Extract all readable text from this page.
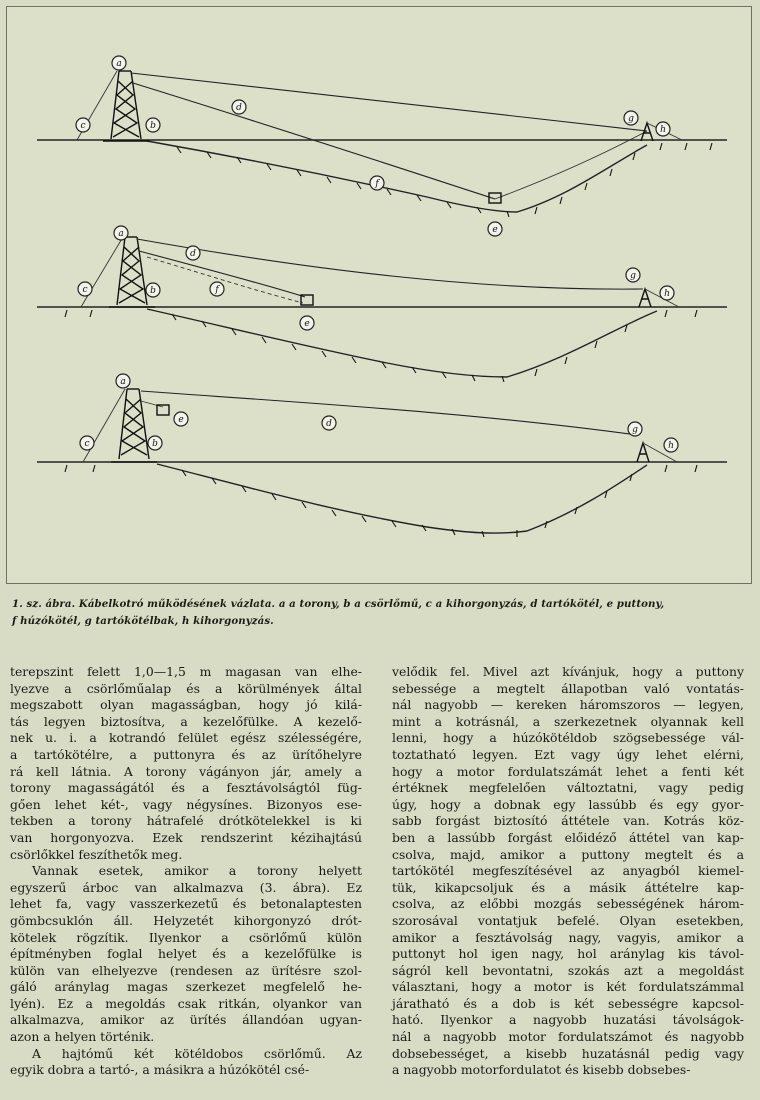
a
b
c
d
f
e
g
h
a
b
c
d
f
e
g
h
a
b
c
e	d
g
h
1. sz. ábra. Kábelkotró működésének vázlata. a a torony, b a csörlőmű, c a kihorgonyzás, d tartókötél, e puttony,
f húzókötél, g tartókötélbak, h kihorgonyzás.
terepszint felett 1,0—1,5 m magasan van elhe-
lyezve a csörlőműalap és a körülmények által
megszabott olyan magasságban, hogy jó kilá-
tás legyen biztosítva, a kezelőfülke. A kezelő-
nek u. i. a kotrandó felület egész szélességére,
a tartókötélre, a puttonyra és az ürítőhelyre
rá kell látnia. A torony vágányon jár, amely a
torony magasságától és a fesztávolságtól füg-
gően lehet két-, vagy négysínes. Bizonyos ese-
tekben a torony hátrafelé drótkötelekkel is ki
van horgonyozva. Ezek rendszerint kézihajtású
csörlőkkel feszíthetők meg.
Vannak esetek, amikor a torony helyett
egyszerű árboc van alkalmazva (3. ábra). Ez
lehet fa, vagy vasszerkezetű és betonalaptesten
gömbcsuklón áll. Helyzetét kihorgonyzó drót-
kötelek rögzítik. Ilyenkor a csörlőmű külön
építményben foglal helyet és a kezelőfülke is
külön van elhelyezve (rendesen az ürítésre szol-
gáló aránylag magas szerkezet megfelelő he-
lyén). Ez a megoldás csak ritkán, olyankor van
alkalmazva, amikor az ürítés állandóan ugyan-
azon a helyen történik.
A hajtómű két kötéldobos csörlőmű. Az
egyik dobra a tartó-, a másikra a húzókötél csé-
velődik fel. Mivel azt kívánjuk, hogy a puttony
sebessége a megtelt állapotban való vontatás-
nál nagyobb — kereken háromszoros — legyen,
mint a kotrásnál, a szerkezetnek olyannak kell
lenni, hogy a húzókötéldob szögsebessége vál-
toztatható legyen. Ezt vagy úgy lehet elérni,
hogy a motor fordulatszámát lehet a fenti két
értéknek megfelelően változtatni, vagy pedig
úgy, hogy a dobnak egy lassúbb és egy gyor-
sabb forgást biztosító áttétele van. Kotrás köz-
ben a lassúbb forgást előidéző áttétel van kap-
csolva, majd, amikor a puttony megtelt és a
tartókötél megfeszítésével az anyagból kiemel-
tük, kikapcsoljuk és a másik áttételre kap-
csolva, az előbbi mozgás sebességének három-
szorosával vontatjuk befelé. Olyan esetekben,
amikor a fesztávolság nagy, vagyis, amikor a
puttonyt hol igen nagy, hol aránylag kis távol-
ságról kell bevontatni, szokás azt a megoldást
választani, hogy a motor is két fordulatszámmal
járatható és a dob is két sebességre kapcsol-
ható. Ilyenkor a nagyobb huzatási távolságok-
nál a nagyobb motor fordulatszámot és nagyobb
dobsebességet, a kisebb huzatásnál pedig vagy
a nagyobb motorfordulatot és kisebb dobsebes-
